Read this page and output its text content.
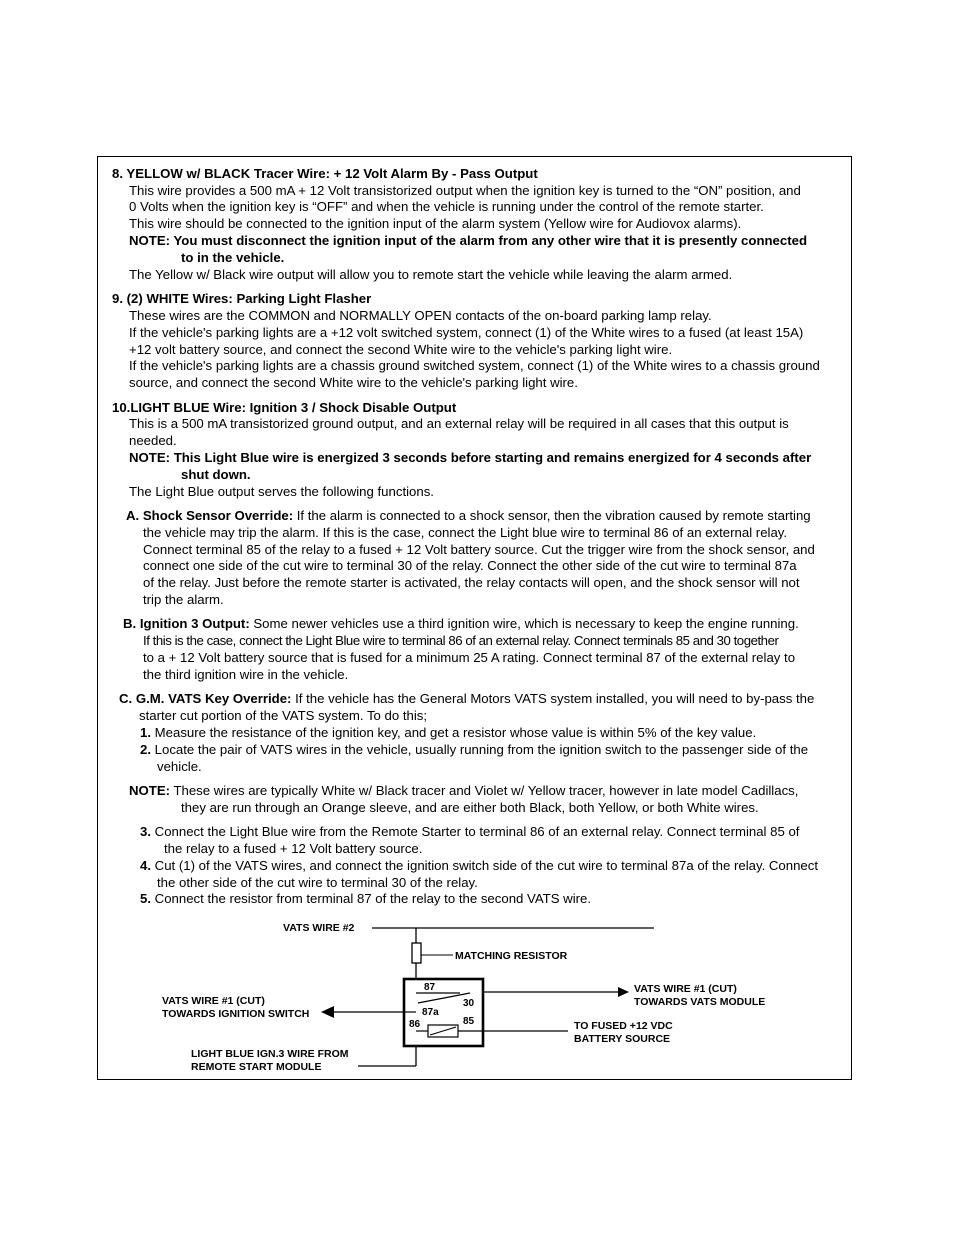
8. YELLOW w/ BLACK Tracer Wire: + 12 Volt Alarm By - Pass Output
This wire provides a 500 mA + 12 Volt transistorized output when the ignition key is turned to the “ON” position, and
0 Volts when the ignition key is “OFF” and when the vehicle is running under the control of the remote starter.
This wire should be connected to the ignition input of the alarm system (Yellow wire for Audiovox alarms).
NOTE: You must disconnect the ignition input of the alarm from any other wire that it is presently connected
to in the vehicle.
The Yellow w/ Black wire output will allow you to remote start the vehicle while leaving the alarm armed.
9. (2) WHITE Wires: Parking Light Flasher
These wires are the COMMON and NORMALLY OPEN contacts of the on-board parking lamp relay.
If the vehicle's parking lights are a +12 volt switched system, connect (1) of the White wires to a fused (at least 15A)
+12 volt battery source, and connect the second White wire to the vehicle's parking light wire.
If the vehicle's parking lights are a chassis ground switched system, connect (1) of the White wires to a chassis ground
source, and connect the second White wire to the vehicle's parking light wire.
10.LIGHT BLUE Wire: Ignition 3 / Shock Disable Output
This is a 500 mA transistorized ground output, and an external relay will be required in all cases that this output is
needed.
NOTE: This Light Blue wire is energized 3 seconds before starting and remains energized for 4 seconds after
shut down.
The Light Blue output serves the following functions.
A. Shock Sensor Override: If the alarm is connected to a shock sensor, then the vibration caused by remote starting
the vehicle may trip the alarm. If this is the case, connect the Light blue wire to terminal 86 of an external relay.
Connect terminal 85 of the relay to a fused + 12 Volt battery source. Cut the trigger wire from the shock sensor, and
connect one side of the cut wire to terminal 30 of the relay. Connect the other side of the cut wire to terminal 87a
of the relay. Just before the remote starter is activated, the relay contacts will open, and the shock sensor will not
trip the alarm.
B. Ignition 3 Output: Some newer vehicles use a third ignition wire, which is necessary to keep the engine running.
If this is the case, connect the Light Blue wire to terminal 86 of an external relay. Connect terminals 85 and 30 together
to a + 12 Volt battery source that is fused for a minimum 25 A rating. Connect terminal 87 of the external relay to
the third ignition wire in the vehicle.
C. G.M. VATS Key Override: If the vehicle has the General Motors VATS system installed, you will need to by-pass the
starter cut portion of the VATS system. To do this;
1. Measure the resistance of the ignition key, and get a resistor whose value is within 5% of the key value.
2. Locate the pair of VATS wires in the vehicle, usually running from the ignition switch to the passenger side of the
vehicle.
NOTE: These wires are typically White w/ Black tracer and Violet w/ Yellow tracer, however in late model Cadillacs,
they are run through an Orange sleeve, and are either both Black, both Yellow, or both White wires.
3. Connect the Light Blue wire from the Remote Starter to terminal 86 of an external relay. Connect terminal 85 of
the relay to a fused + 12 Volt battery source.
4. Cut (1) of the VATS wires, and connect the ignition switch side of the cut wire to terminal 87a of the relay. Connect
the other side of the cut wire to terminal 30 of the relay.
5. Connect the resistor from terminal 87 of the relay to the second VATS wire.
87
87a
30
85
86
VATS WIRE #2
MATCHING RESISTOR
VATS WIRE #1 (CUT)
TOWARDS VATS MODULE
VATS WIRE #1 (CUT)
TOWARDS IGNITION SWITCH
TO FUSED +12 VDC
BATTERY SOURCE
LIGHT BLUE IGN.3 WIRE FROM
REMOTE START MODULE
